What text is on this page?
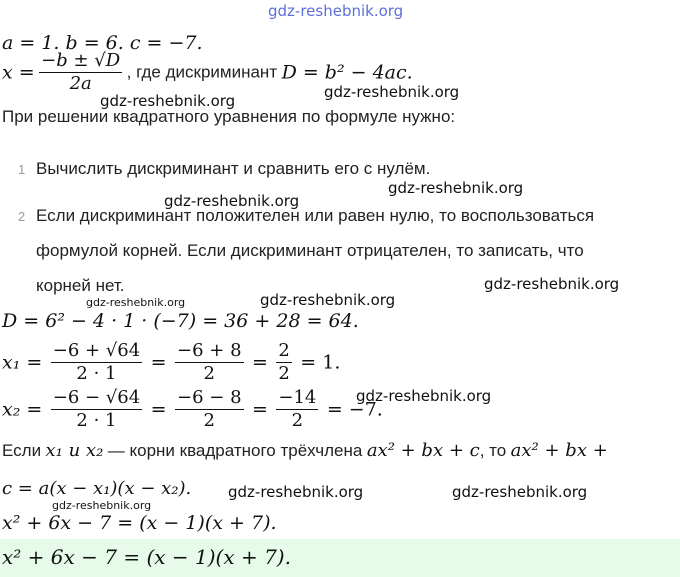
gdz-reshebnik.org
a = 1. b = 6. c = −7.
$x = \frac{-b \pm √D}{2a}$ , где дискриминант D = b² − 4ac.
gdz-reshebnik.org	gdz-reshebnik.org
При решении квадратного уравнения по формуле нужно:
1 Вычислить дискриминант и сравнить его с нулём.
gdz-reshebnik.org
gdz-reshebnik.org
2 Если дискриминант положителен или равен нулю, то воспользоваться
формулой корней. Если дискриминант отрицателен, то записать, что
корней нет.	gdz-reshebnik.org
gdz-reshebnik.org	gdz-reshebnik.org
D = 6² − 4 · 1 · (−7) = 36 + 28 = 64.
$x_1 = \frac{-6 + √64}{2 \cdot 1} = \frac{-6 + 8}{2} = \frac{2}{2} = 1$.
gdz-reshebnik.org
$x_2 = \frac{-6 - √64}{2 \cdot 1} = \frac{-6 - 8}{2} = \frac{-14}{2} = -7$.
Если x₁ и x₂ — корни квадратного трёхчлена ax² + bx + c, то ax² + bx +
c = a(x − x₁)(x − x₂). gdz-reshebnik.org	gdz-reshebnik.org
gdz-reshebnik.org
x² + 6x − 7 = (x − 1)(x + 7).
x² + 6x − 7 = (x − 1)(x + 7).
